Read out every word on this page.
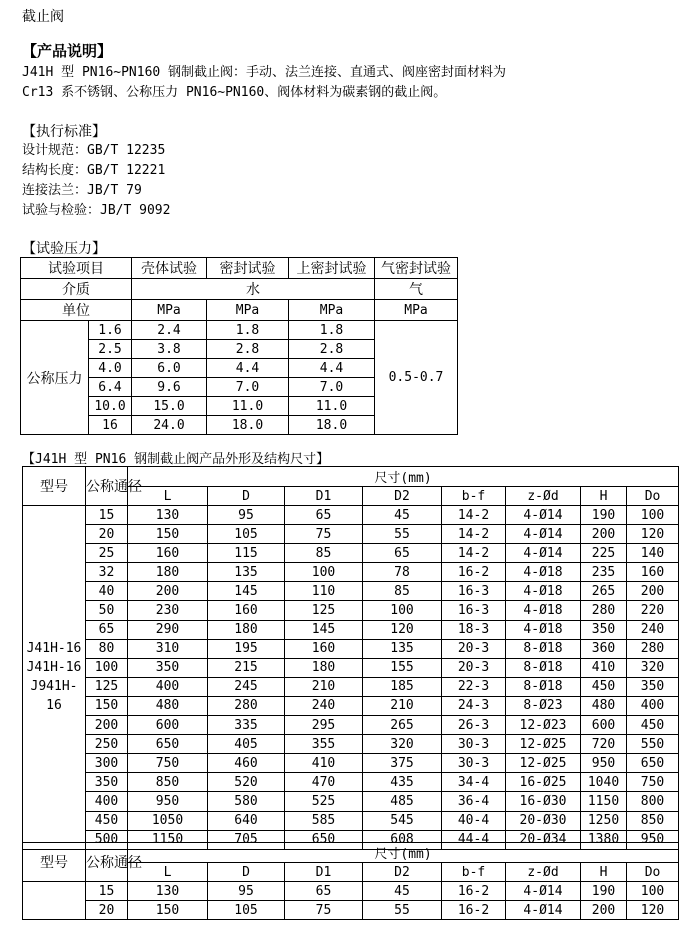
截止阀
【产品说明】
J41H 型 PN16~PN160 钢制截止阀：手动、法兰连接、直通式、阀座密封面材料为
Cr13 系不锈钢、公称压力 PN16~PN160、阀体材料为碳素钢的截止阀。
【执行标准】
设计规范：GB/T 12235
结构长度：GB/T 12221
连接法兰：JB/T 79
试验与检验：JB/T 9092
【试验压力】
试验项目		壳体试验	密封试验	上密封试验	气密封试验
介质		水			气
单位		MPa	MPa	MPa	MPa
公称压力	1.6	2.4	1.8	1.8	0.5-0.7
	2.5	3.8	2.8	2.8	
	4.0	6.0	4.4	4.4	
	6.4	9.6	7.0	7.0	
	10.0	15.0	11.0	11.0	
	16	24.0	18.0	18.0	
【J41H 型 PN16 钢制截止阀产品外形及结构尺寸】
型号	公称通径	尺寸(mm)							
		L	D	D1	D2	b-f	z-Ød	H	Do

J41H-16
J41H-16
J941H-
16	15	130	95	65	45	14-2	4-Ø14	190	100
	20	150	105	75	55	14-2	4-Ø14	200	120
	25	160	115	85	65	14-2	4-Ø14	225	140
	32	180	135	100	78	16-2	4-Ø18	235	160
	40	200	145	110	85	16-3	4-Ø18	265	200
	50	230	160	125	100	16-3	4-Ø18	280	220
	65	290	180	145	120	18-3	4-Ø18	350	240
	80	310	195	160	135	20-3	8-Ø18	360	280
	100	350	215	180	155	20-3	8-Ø18	410	320
	125	400	245	210	185	22-3	8-Ø18	450	350
	150	480	280	240	210	24-3	8-Ø23	480	400
	200	600	335	295	265	26-3	12-Ø23	600	450
	250	650	405	355	320	30-3	12-Ø25	720	550
	300	750	460	410	375	30-3	12-Ø25	950	650
	350	850	520	470	435	34-4	16-Ø25	1040	750
	400	950	580	525	485	36-4	16-Ø30	1150	800
	450	1050	640	585	545	40-4	20-Ø30	1250	850
	500	1150	705	650	608	44-4	20-Ø34	1380	950
型号	公称通径	尺寸(mm)							
		L	D	D1	D2	b-f	z-Ød	H	Do
	15	130	95	65	45	16-2	4-Ø14	190	100
	20	150	105	75	55	16-2	4-Ø14	200	120
